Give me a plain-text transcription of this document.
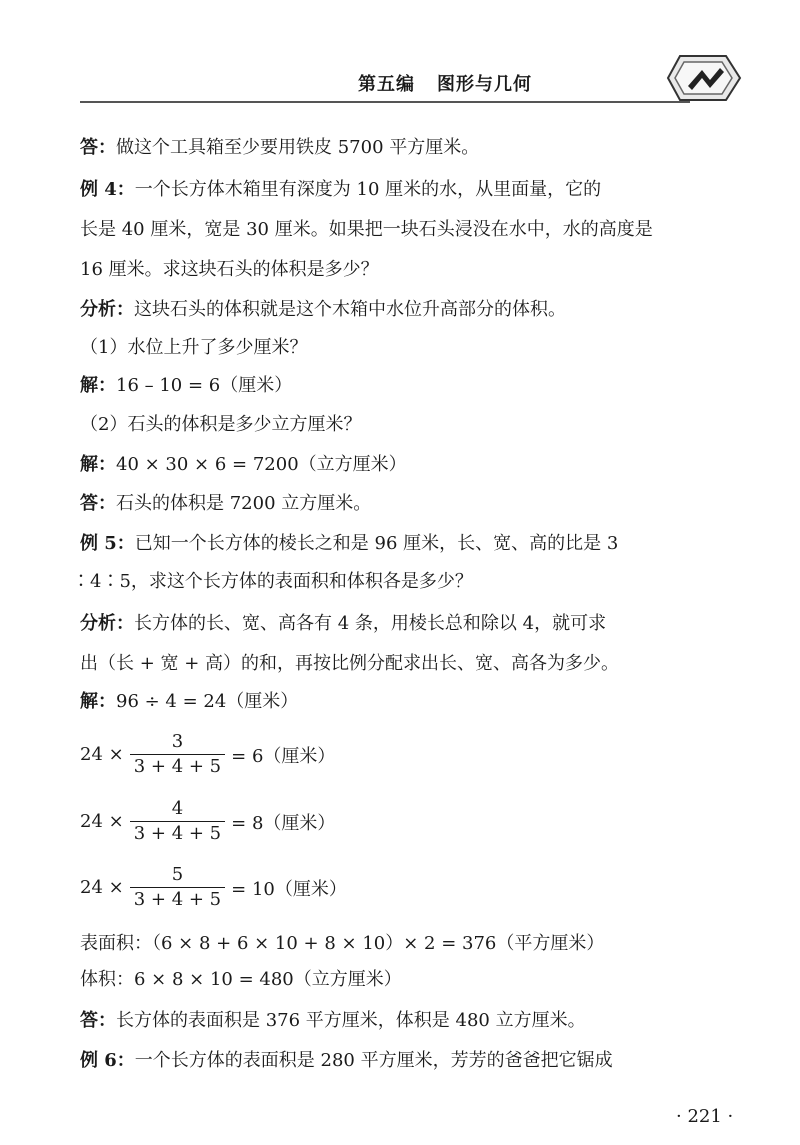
第五编 图形与几何
答：做这个工具箱至少要用铁皮 5700 平方厘米。
例 4：一个长方体木箱里有深度为 10 厘米的水，从里面量，它的
长是 40 厘米，宽是 30 厘米。如果把一块石头浸没在水中，水的高度是
16 厘米。求这块石头的体积是多少？
分析：这块石头的体积就是这个木箱中水位升高部分的体积。
（1）水位上升了多少厘米？
解：16 – 10 = 6（厘米）
（2）石头的体积是多少立方厘米？
解：40 × 30 × 6 = 7200（立方厘米）
答：石头的体积是 7200 立方厘米。
例 5：已知一个长方体的棱长之和是 96 厘米，长、宽、高的比是 3
∶4∶5，求这个长方体的表面积和体积各是多少？
分析：长方体的长、宽、高各有 4 条，用棱长总和除以 4，就可求
出（长 + 宽 + 高）的和，再按比例分配求出长、宽、高各为多少。
解：96 ÷ 4 = 24（厘米）
$24 \times \frac{3}{3 + 4 + 5} = 6$（厘米）
$24 \times \frac{4}{3 + 4 + 5} = 8$（厘米）
$24 \times \frac{5}{3 + 4 + 5} = 10$（厘米）
表面积：（6 × 8 + 6 × 10 + 8 × 10）× 2 = 376（平方厘米）
体积：6 × 8 × 10 = 480（立方厘米）
答：长方体的表面积是 376 平方厘米，体积是 480 立方厘米。
例 6：一个长方体的表面积是 280 平方厘米，芳芳的爸爸把它锯成
· 221 ·
